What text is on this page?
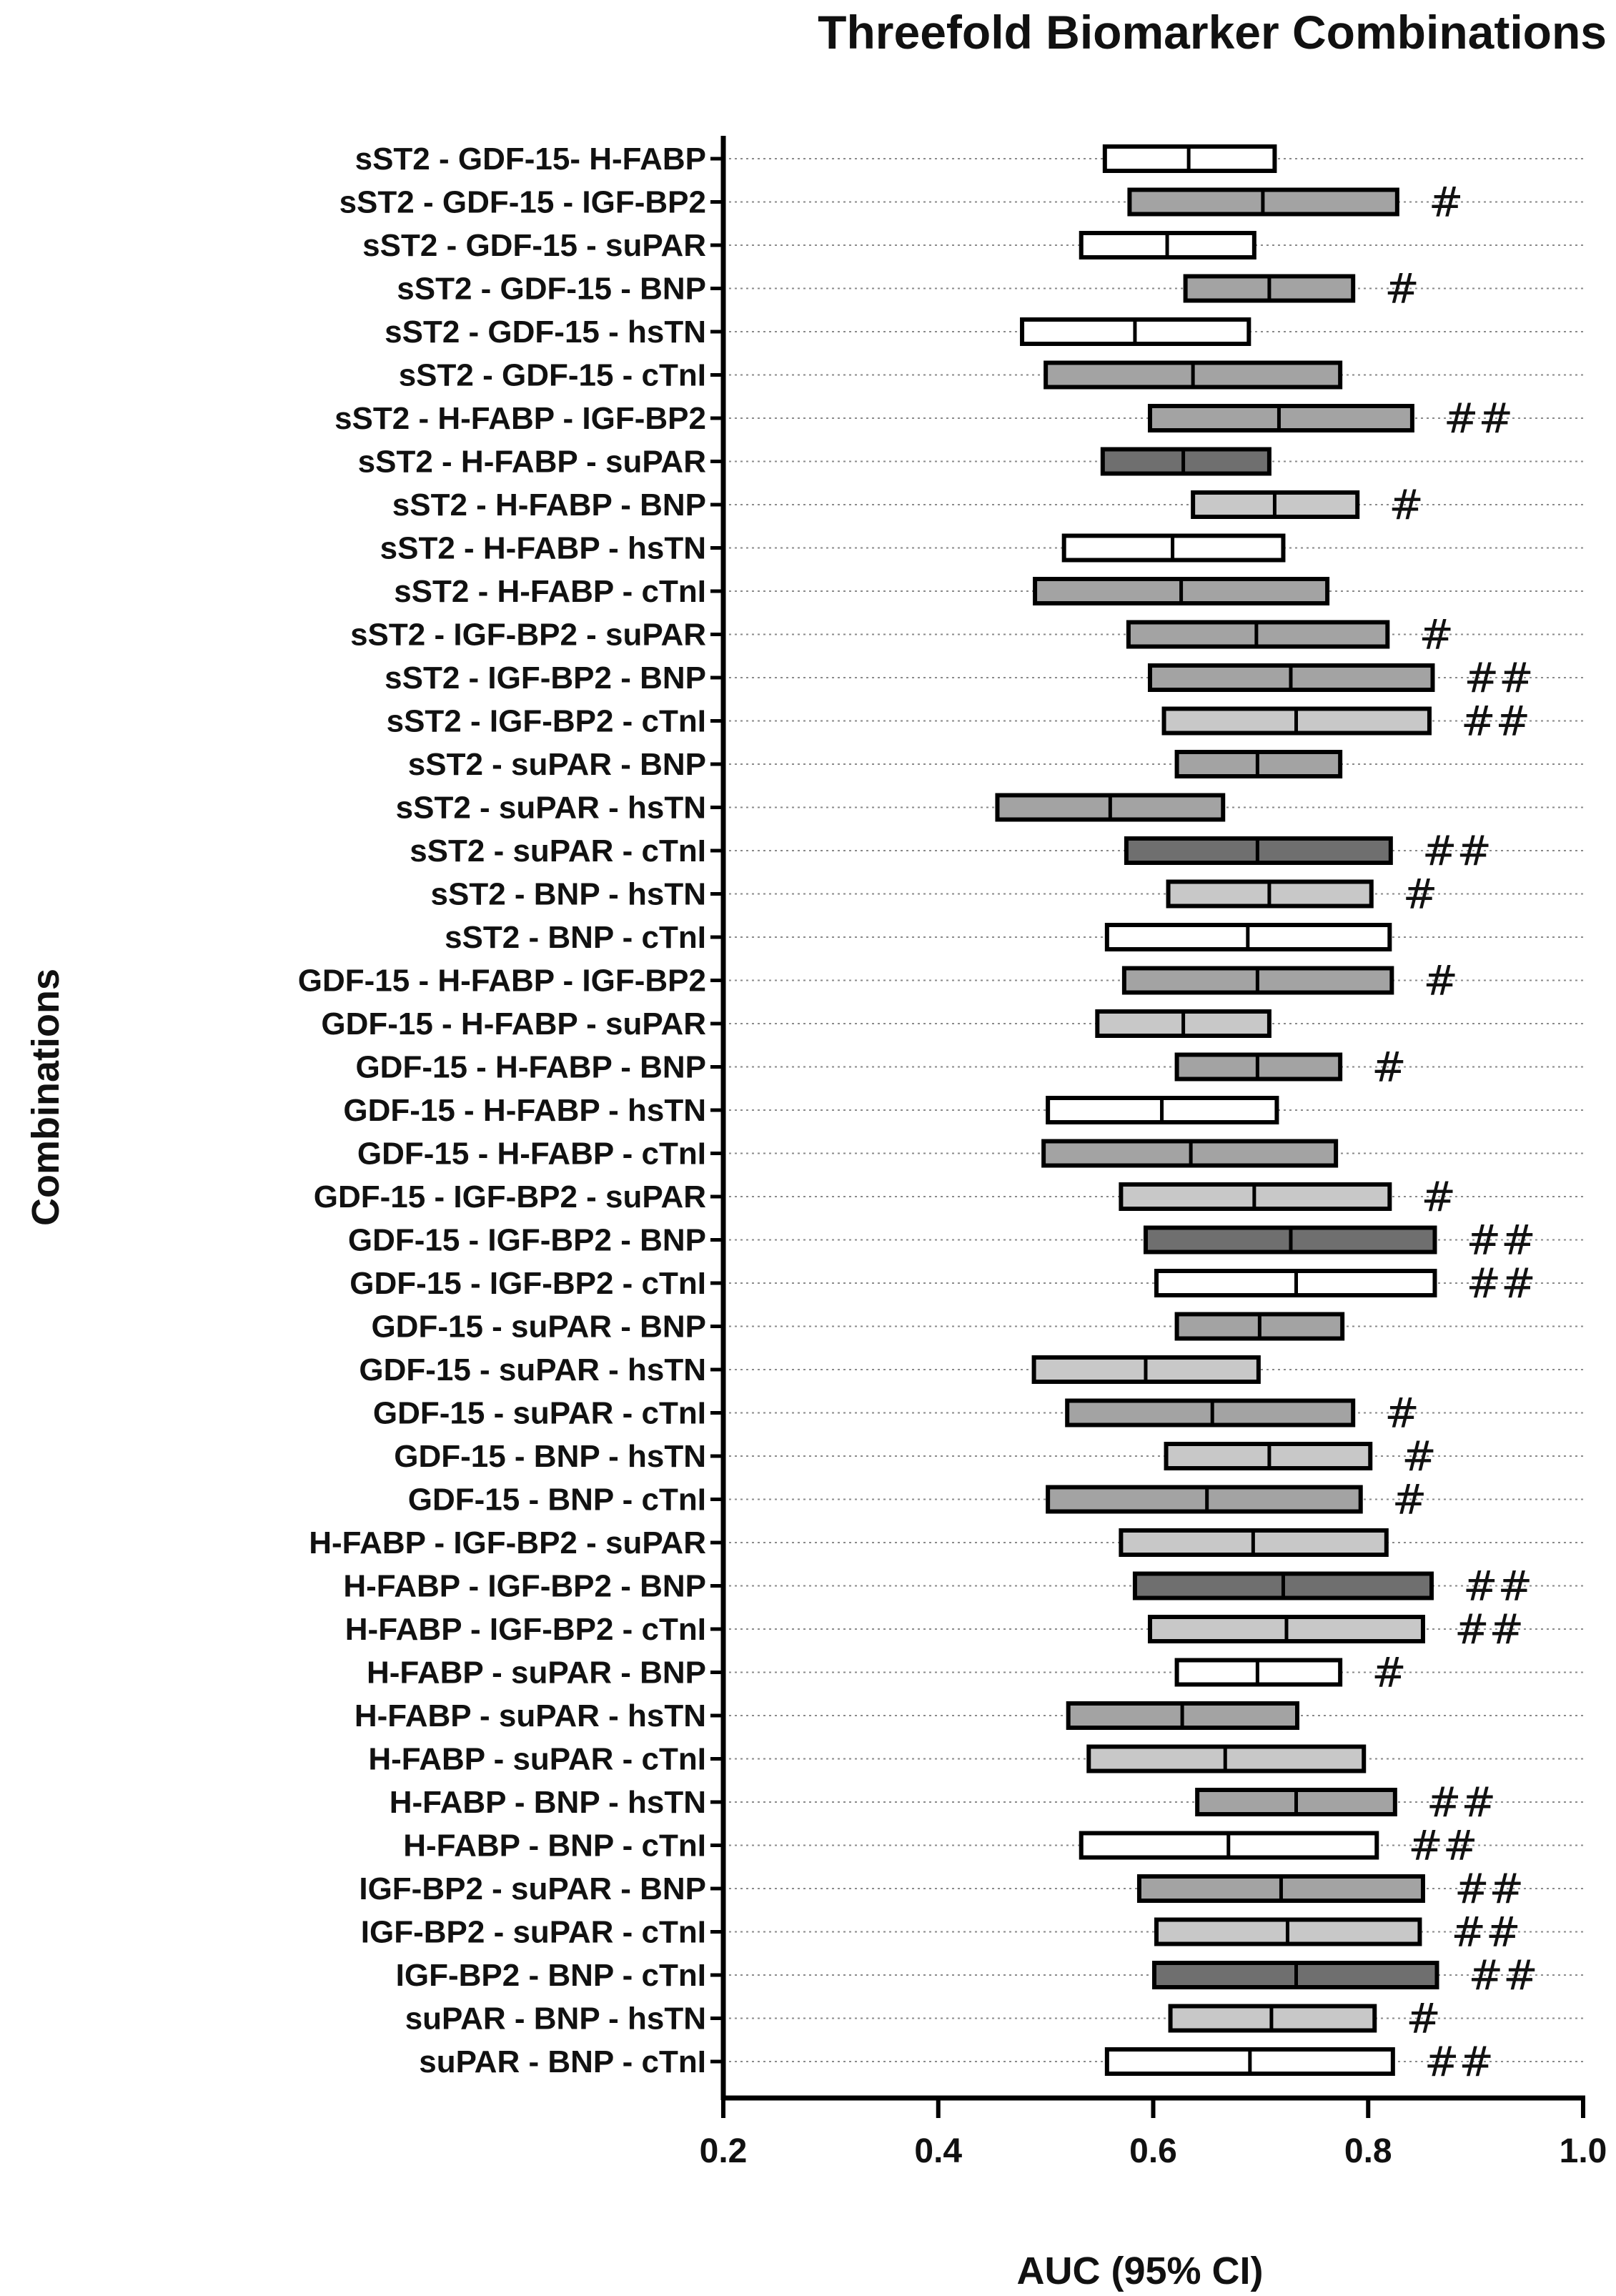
Threefold Biomarker Combinations
sST2 - GDF-15- H-FABP
sST2 - GDF-15 - IGF-BP2
sST2 - GDF-15 - suPAR
sST2 - GDF-15 - BNP
sST2 - GDF-15 - hsTN
sST2 - GDF-15 - cTnI
sST2 - H-FABP - IGF-BP2
sST2 - H-FABP - suPAR
sST2 - H-FABP - BNP
sST2 - H-FABP - hsTN
sST2 - H-FABP - cTnI
sST2 - IGF-BP2 - suPAR
sST2 - IGF-BP2 - BNP
sST2 - IGF-BP2 - cTnI
sST2 - suPAR - BNP
sST2 - suPAR - hsTN
sST2 - suPAR - cTnI
sST2 - BNP - hsTN
sST2 - BNP - cTnI
GDF-15 - H-FABP - IGF-BP2
GDF-15 - H-FABP - suPAR
GDF-15 - H-FABP - BNP
GDF-15 - H-FABP - hsTN
GDF-15 - H-FABP - cTnI
GDF-15 - IGF-BP2 - suPAR
GDF-15 - IGF-BP2 - BNP
GDF-15 - IGF-BP2 - cTnI
GDF-15 - suPAR - BNP
GDF-15 - suPAR - hsTN
GDF-15 - suPAR - cTnI
GDF-15 - BNP - hsTN
GDF-15 - BNP - cTnI
H-FABP - IGF-BP2 - suPAR
H-FABP - IGF-BP2 - BNP
H-FABP - IGF-BP2 - cTnI
H-FABP - suPAR - BNP
H-FABP - suPAR - hsTN
H-FABP - suPAR - cTnI
H-FABP - BNP - hsTN
H-FABP - BNP - cTnI
IGF-BP2 - suPAR - BNP
IGF-BP2 - suPAR - cTnI
IGF-BP2 - BNP - cTnI
suPAR - BNP - hsTN
suPAR - BNP - cTnI
#
#
##
#
#
##
##
##
#
#
#
#
##
##
#
#
#
##
##
#
##
##
##
##
##
#
##
0.2	0.4	0.6	0.8	1.0
AUC (95% CI)
Combinations
